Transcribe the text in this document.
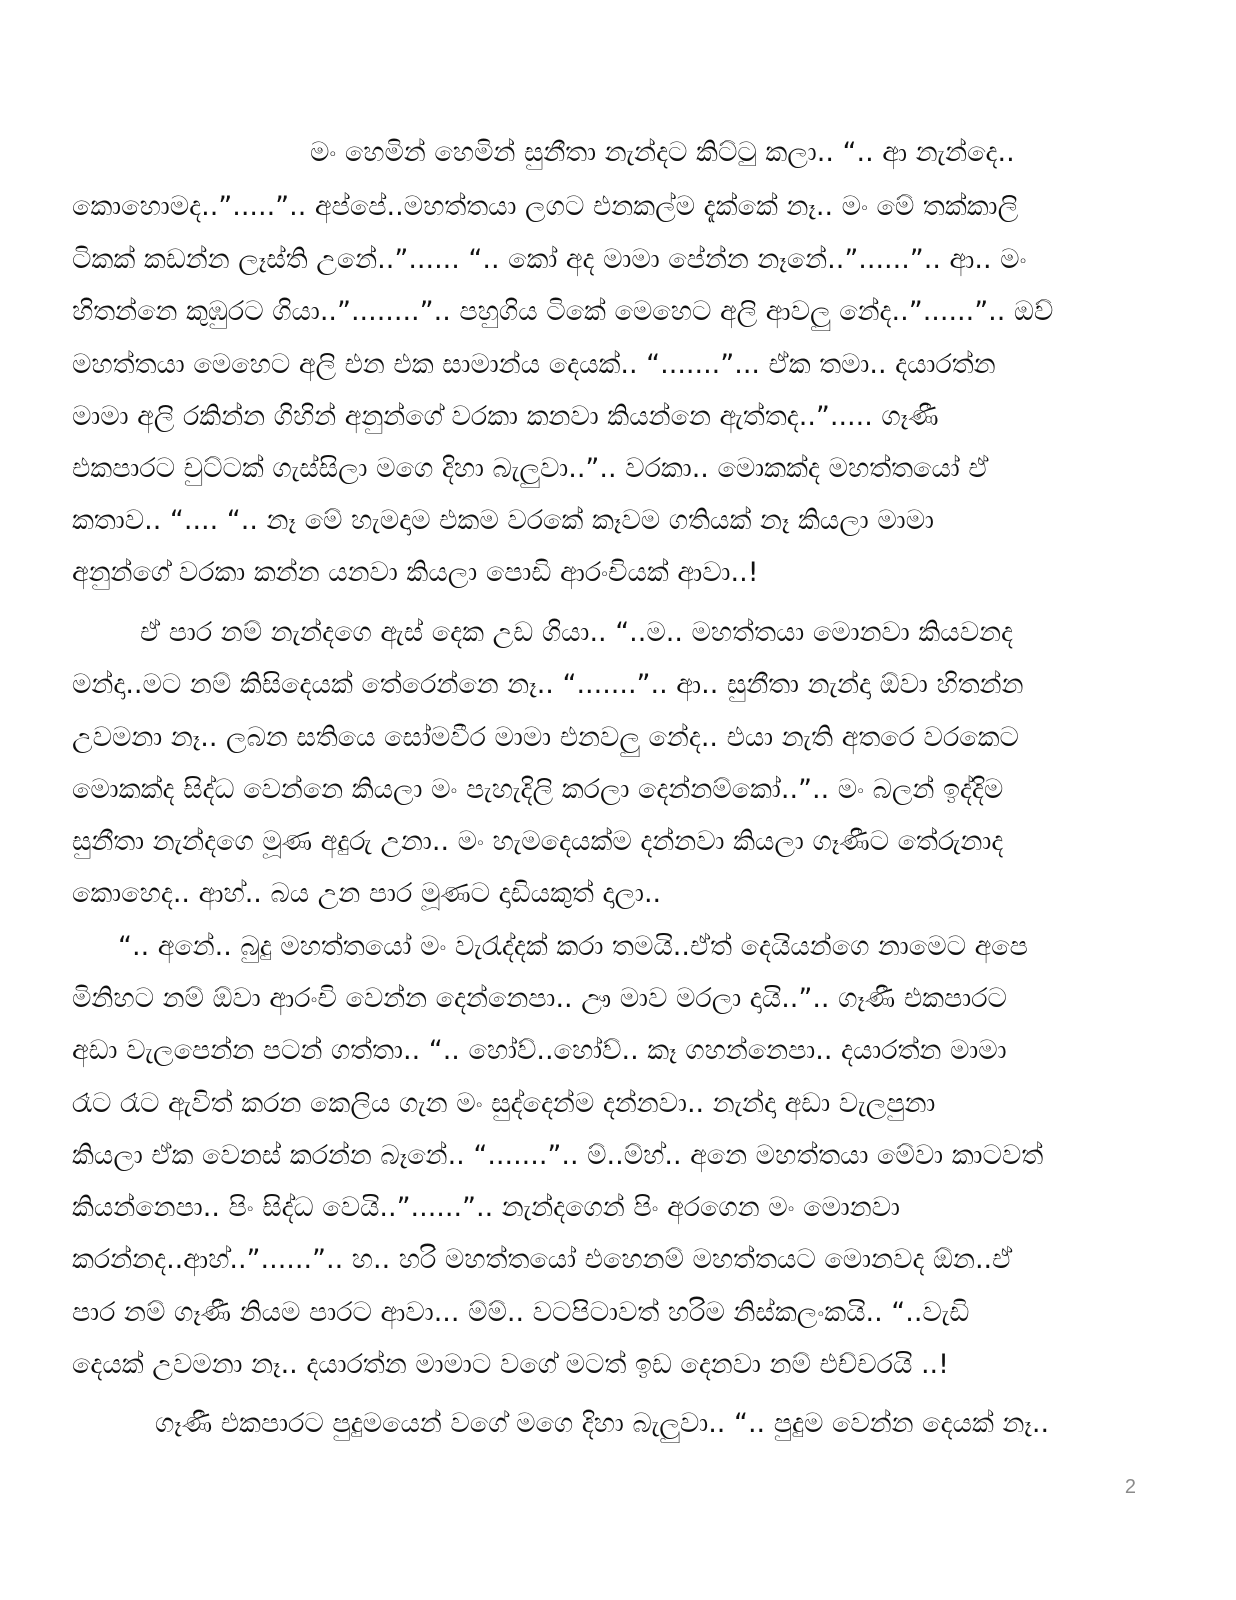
මං හෙමින් හෙමින් සුනීතා නැන්දට කිට්ටු කලා.. “.. ආ නැන්දෙ..
කොහොමද..”.....”.. අප්පේ..මහත්තයා ලගට එනකල්ම දැක්කේ නෑ.. මං මේ තක්කාලි
ටිකක් කඩන්න ලෑස්ති උනේ..”...... “.. කෝ අද මාමා පේන්න නෑනේ..”......”.. ආ.. මං
හිතන්නෙ කුඹුරට ගියා..”........”.. පහුගිය ටිකේ මෙහෙට අලි ආවලු නේද..”......”.. ඔව්
මහත්තයා මෙහෙට අලි එන එක සාමාන්ය දෙයක්.. “.......”... ඒක තමා.. දයාරත්න
මාමා අලි රකින්න ගිහින් අනුන්ගේ වරකා කනවා කියන්නෙ ඇත්තද..”..... ගෑණී
එකපාරට චුට්ටක් ගැස්සිලා මගෙ දිහා බැලුවා..”.. වරකා.. මොකක්ද මහත්තයෝ ඒ
කතාව.. “.... “.. නෑ මේ හැමදාම එකම වරකේ කෑවම ගතියක් නෑ කියලා මාමා
අනුන්ගේ වරකා කන්න යනවා කියලා පොඩි ආරංචියක් ආවා..!
ඒ පාර නම් නැන්දගෙ ඇස් දෙක උඩ ගියා.. “..ම.. මහත්තයා මොනවා කියවනද
මන්දා..මට නම් කිසිදෙයක් තේරෙන්නෙ නෑ.. “.......”.. ආ.. සුනීතා නැන්දා ඕවා හිතන්න
උවමනා නෑ.. ලබන සතියෙ සෝමවීර මාමා එනවලු නේද.. එයා නැති අතරෙ වරකෙට
මොකක්ද සිද්ධ වෙන්නෙ කියලා මං පැහැදිලි කරලා දෙන්නම්කෝ..”.. මං බලන් ඉද්දිම
සුනීතා නැන්දගෙ මූණ අදුරු උනා.. මං හැමදෙයක්ම දන්නවා කියලා ගෑණීට තේරුනාද
කොහෙද.. ආහ්.. බය උන පාර මූණට දාඩියකුත් දාලා..
“.. අනේ.. බුදු මහත්තයෝ මං වැරැද්දක් කරා තමයි..ඒත් දෙයියන්ගෙ නාමෙට අපෙ
මිනිහට නම් ඕවා ආරංචි වෙන්න දෙන්නෙපා.. ඌ මාව මරලා දායි..”.. ගෑණී එකපාරට
අඩා වැලපෙන්න පටන් ගත්තා.. “.. හෝව්..හෝව්.. කෑ ගහන්නෙපා.. දයාරත්න මාමා
රෑට රෑට ඇවිත් කරන කෙලිය ගැන මං සුද්දෙන්ම දන්නවා.. නැන්දා අඩා වැලපුනා
කියලා ඒක වෙනස් කරන්න බෑනේ.. “.......”.. ම්..ම්හ්.. අනෙ මහත්තයා මේවා කාටවත්
කියන්නෙපා.. පිං සිද්ධ වෙයි..”......”.. නැන්දගෙන් පිං අරගෙන මං මොනවා
කරන්නද..ආහ්..”......”.. හ.. හරි මහත්තයෝ එහෙනම් මහත්තයට මොනවද ඕන..ඒ
පාර නම් ගෑණී නියම පාරට ආවා... ම්ම්.. වටපිටාවත් හරිම නිස්කලංකයි.. “..වැඩි
දෙයක් උවමනා නෑ.. දයාරත්න මාමාට වගේ මටත් ඉඩ දෙනවා නම් එච්චරයි ..!
ගෑණී එකපාරට පුදුමයෙන් වගේ මගෙ දිහා බැලුවා.. “.. පුදුම වෙන්න දෙයක් නෑ..
2
